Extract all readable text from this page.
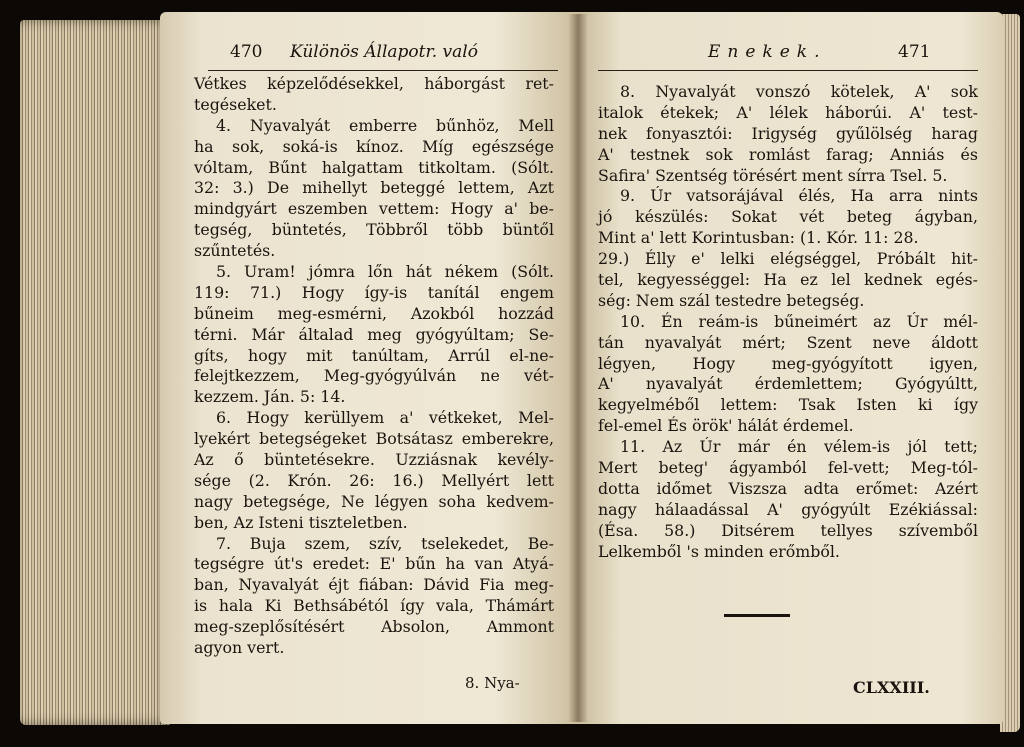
470 Különös Állapotr. való
Vétkes képzelődésekkel, háborgást ret-
tegéseket.
4. Nyavalyát emberre bűnhöz, Mell
ha sok, soká-is kínoz. Míg egészsége
vóltam, Bűnt halgattam titkoltam. (Sólt.
32: 3.) De mihellyt beteggé lettem, Azt
mindgyárt eszemben vettem: Hogy a' be-
tegség, büntetés, Többről több büntől
szűntetés.
5. Uram! jómra lőn hát nékem (Sólt.
119: 71.) Hogy így-is tanítál engem
bűneim meg-esmérni, Azokból hozzád
térni. Már általad meg gyógyúltam; Se-
gíts, hogy mit tanúltam, Arrúl el-ne-
felejtkezzem, Meg-gyógyúlván ne vét-
kezzem. Ján. 5: 14.
6. Hogy kerüllyem a' vétkeket, Mel-
lyekért betegségeket Botsátasz emberekre,
Az ő büntetésekre. Uzziásnak kevély-
sége (2. Krón. 26: 16.) Mellyért lett
nagy betegsége, Ne légyen soha kedvem-
ben, Az Isteni tiszteletben.
7. Buja szem, szív, tselekedet, Be-
tegségre út's eredet: E' bűn ha van Atyá-
ban, Nyavalyát éjt fiában: Dávid Fia meg-
is hala Ki Bethsábétól így vala, Thámárt
meg-szeplősítésért Absolon, Ammont
agyon vert.
8. Nya-
Enekek.	471
8. Nyavalyát vonszó kötelek, A' sok
italok étekek; A' lélek háborúi. A' test-
nek fonyasztói: Irigység gyűlölség harag
A' testnek sok romlást farag; Anniás és
Safira' Szentség törésért ment sírra Tsel. 5.
9. Úr vatsorájával élés, Ha arra nints
jó készülés: Sokat vét beteg ágyban,
Mint a' lett Korintusban: (1. Kór. 11: 28.
29.) Élly e' lelki elégséggel, Próbált hit-
tel, kegyességgel: Ha ez lel kednek egés-
ség: Nem szál testedre betegség.
10. Én reám-is bűneimért az Úr mél-
tán nyavalyát mért; Szent neve áldott
légyen, Hogy meg-gyógyított igyen,
A' nyavalyát érdemlettem; Gyógyúltt,
kegyelméből lettem: Tsak Isten ki így
fel-emel És örök' hálát érdemel.
11. Az Úr már én vélem-is jól tett;
Mert beteg' ágyamból fel-vett; Meg-tól-
dotta időmet Viszsza adta erőmet: Azért
nagy hálaadással A' gyógyúlt Ezékiással:
(Ésa. 58.) Ditsérem tellyes szívemből
Lelkemből 's minden erőmből.
CLXXIII.
